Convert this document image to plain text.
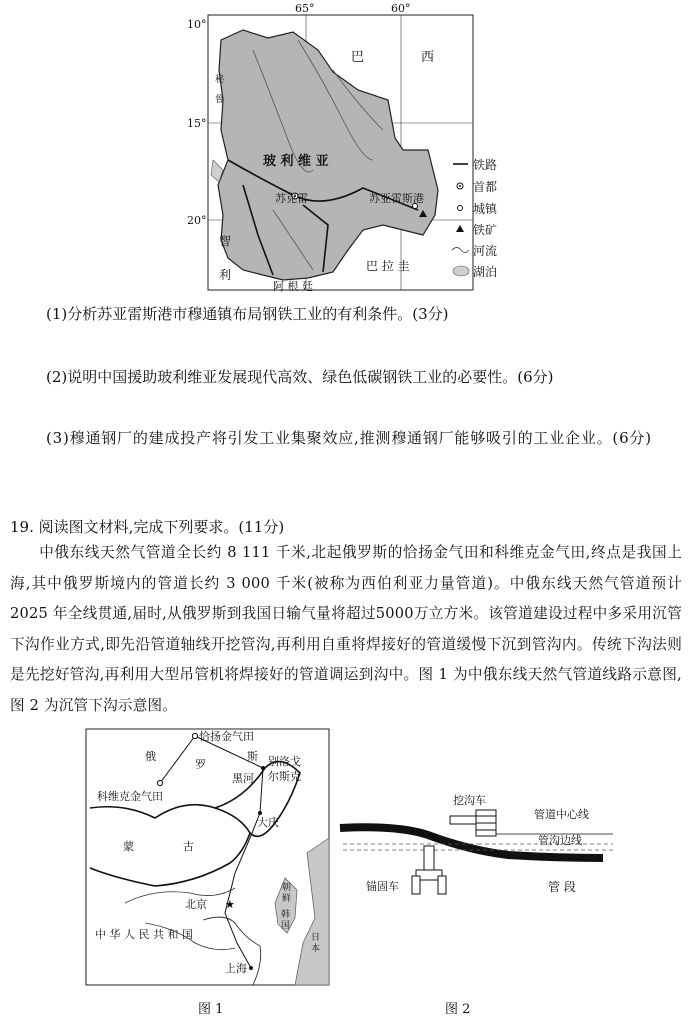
65°	60°
10°
15°
20°
巴	西
秘鲁
玻 利 维 亚
苏克雷	苏亚雷斯港
智
利
巴 拉 圭
阿 根 廷
铁路
首都
城镇
铁矿
河流
湖泊
(1)分析苏亚雷斯港市穆通镇布局钢铁工业的有利条件。(3分)
(2)说明中国援助玻利维亚发展现代高效、绿色低碳钢铁工业的必要性。(6分)
(3)穆通钢厂的建成投产将引发工业集聚效应,推测穆通钢厂能够吸引的工业企业。(6分)
19. 阅读图文材料,完成下列要求。(11分)
中俄东线天然气管道全长约 8 111 千米,北起俄罗斯的恰扬金气田和科维克金气田,终点是我国上海,其中俄罗斯境内的管道长约 3 000 千米(被称为西伯利亚力量管道)。中俄东线天然气管道预计 2025 年全线贯通,届时,从俄罗斯到我国日输气量将超过5000万立方米。该管道建设过程中多采用沉管下沟作业方式,即先沿管道轴线开挖管沟,再利用自重将焊接好的管道缓慢下沉到管沟内。传统下沟法则是先挖好管沟,再利用大型吊管机将焊接好的管道调运到沟中。图 1 为中俄东线天然气管道线路示意图,图 2 为沉管下沟示意图。
★
恰扬金气田
俄
罗
斯
科维克金气田
别洛戈
尔斯克
黑河
大庆
蒙	古
北京
朝鲜
韩国
中 华 人 民 共 和 国	日本
上海
图 1
挖沟车
管道中心线
管沟边线
锚固车	管 段
图 2
